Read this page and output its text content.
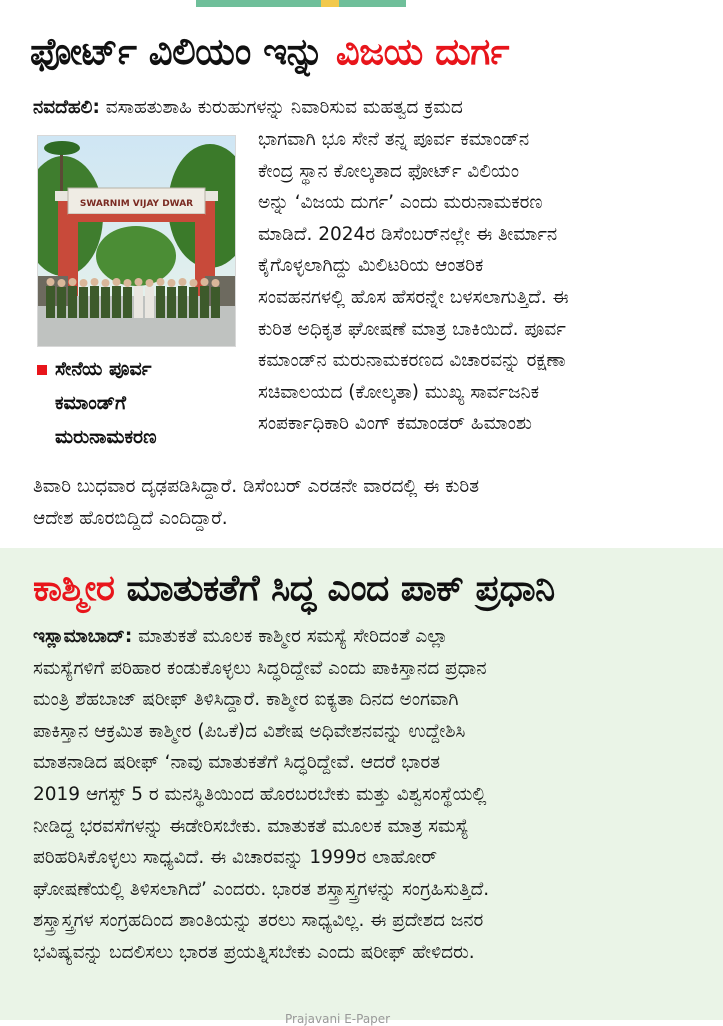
ಫೋರ್ಟ್‌ ವಿಲಿಯಂ ಇನ್ನು ವಿಜಯ ದುರ್ಗ
ನವದೆಹಲಿ: ವಸಾಹತುಶಾಹಿ ಕುರುಹುಗಳನ್ನು ನಿವಾರಿಸುವ ಮಹತ್ವದ ಕ್ರಮದ
ಭಾಗವಾಗಿ ಭೂ ಸೇನೆ ತನ್ನ ಪೂರ್ವ ಕಮಾಂಡ್‌ನ
ಕೇಂದ್ರ ಸ್ಥಾನ ಕೋಲ್ಕತಾದ ಫೋರ್ಟ್‌ ವಿಲಿಯಂ
ಅನ್ನು ‘ವಿಜಯ ದುರ್ಗ’ ಎಂದು ಮರುನಾಮಕರಣ
ಮಾಡಿದೆ. 2024ರ ಡಿಸೆಂಬರ್‌ನಲ್ಲೇ ಈ ತೀರ್ಮಾನ
ಕೈಗೊಳ್ಳಲಾಗಿದ್ದು ಮಿಲಿಟರಿಯ ಆಂತರಿಕ
ಸಂವಹನಗಳಲ್ಲಿ ಹೊಸ ಹೆಸರನ್ನೇ ಬಳಸಲಾಗುತ್ತಿದೆ. ಈ
ಕುರಿತ ಅಧಿಕೃತ ಘೋಷಣೆ ಮಾತ್ರ ಬಾಕಿಯಿದೆ. ಪೂರ್ವ
ಕಮಾಂಡ್‌ನ ಮರುನಾಮಕರಣದ ವಿಚಾರವನ್ನು ರಕ್ಷಣಾ
ಸಚಿವಾಲಯದ (ಕೋಲ್ಕತಾ) ಮುಖ್ಯ ಸಾರ್ವಜನಿಕ
ಸಂಪರ್ಕಾಧಿಕಾರಿ ವಿಂಗ್‌ ಕಮಾಂಡರ್‌ ಹಿಮಾಂಶು
ತಿವಾರಿ ಬುಧವಾರ ದೃಢಪಡಿಸಿದ್ದಾರೆ. ಡಿಸೆಂಬರ್‌ ಎರಡನೇ ವಾರದಲ್ಲಿ ಈ ಕುರಿತ
ಆದೇಶ ಹೊರಬಿದ್ದಿದೆ ಎಂದಿದ್ದಾರೆ.
SWARNIM VIJAY DWAR
ಸೇನೆಯ ಪೂರ್ವ
ಕಮಾಂಡ್‌ಗೆ
ಮರುನಾಮಕರಣ
ಕಾಶ್ಮೀರ ಮಾತುಕತೆಗೆ ಸಿದ್ಧ ಎಂದ ಪಾಕ್‌ ಪ್ರಧಾನಿ
ಇಸ್ಲಾಮಾಬಾದ್‌: ಮಾತುಕತೆ ಮೂಲಕ ಕಾಶ್ಮೀರ ಸಮಸ್ಯೆ ಸೇರಿದಂತೆ ಎಲ್ಲಾ
ಸಮಸ್ಯೆಗಳಿಗೆ ಪರಿಹಾರ ಕಂಡುಕೊಳ್ಳಲು ಸಿದ್ಧರಿದ್ದೇವೆ ಎಂದು ಪಾಕಿಸ್ತಾನದ ಪ್ರಧಾನ
ಮಂತ್ರಿ ಶೆಹಬಾಜ್‌ ಷರೀಫ್‌ ತಿಳಿಸಿದ್ದಾರೆ. ಕಾಶ್ಮೀರ ಐಕ್ಯತಾ ದಿನದ ಅಂಗವಾಗಿ
ಪಾಕಿಸ್ತಾನ ಆಕ್ರಮಿತ ಕಾಶ್ಮೀರ (ಪಿಒಕೆ)ದ ವಿಶೇಷ ಅಧಿವೇಶನವನ್ನು ಉದ್ದೇಶಿಸಿ
ಮಾತನಾಡಿದ ಷರೀಫ್‌ ‘ನಾವು ಮಾತುಕತೆಗೆ ಸಿದ್ಧರಿದ್ದೇವೆ. ಆದರೆ ಭಾರತ
2019 ಆಗಸ್ಟ್‌ 5 ರ ಮನಸ್ಥಿತಿಯಿಂದ ಹೊರಬರಬೇಕು ಮತ್ತು ವಿಶ್ವಸಂಸ್ಥೆಯಲ್ಲಿ
ನೀಡಿದ್ದ ಭರವಸೆಗಳನ್ನು ಈಡೇರಿಸಬೇಕು. ಮಾತುಕತೆ ಮೂಲಕ ಮಾತ್ರ ಸಮಸ್ಯೆ
ಪರಿಹರಿಸಿಕೊಳ್ಳಲು ಸಾಧ್ಯವಿದೆ. ಈ ವಿಚಾರವನ್ನು 1999ರ ಲಾಹೋರ್‌
ಘೋಷಣೆಯಲ್ಲಿ ತಿಳಿಸಲಾಗಿದೆ’ ಎಂದರು. ಭಾರತ ಶಸ್ತ್ರಾಸ್ತ್ರಗಳನ್ನು ಸಂಗ್ರಹಿಸುತ್ತಿದೆ.
ಶಸ್ತ್ರಾಸ್ತ್ರಗಳ ಸಂಗ್ರಹದಿಂದ ಶಾಂತಿಯನ್ನು ತರಲು ಸಾಧ್ಯವಿಲ್ಲ. ಈ ಪ್ರದೇಶದ ಜನರ
ಭವಿಷ್ಯವನ್ನು ಬದಲಿಸಲು ಭಾರತ ಪ್ರಯತ್ನಿಸಬೇಕು ಎಂದು ಷರೀಫ್‌ ಹೇಳಿದರು.
Prajavani E-Paper
